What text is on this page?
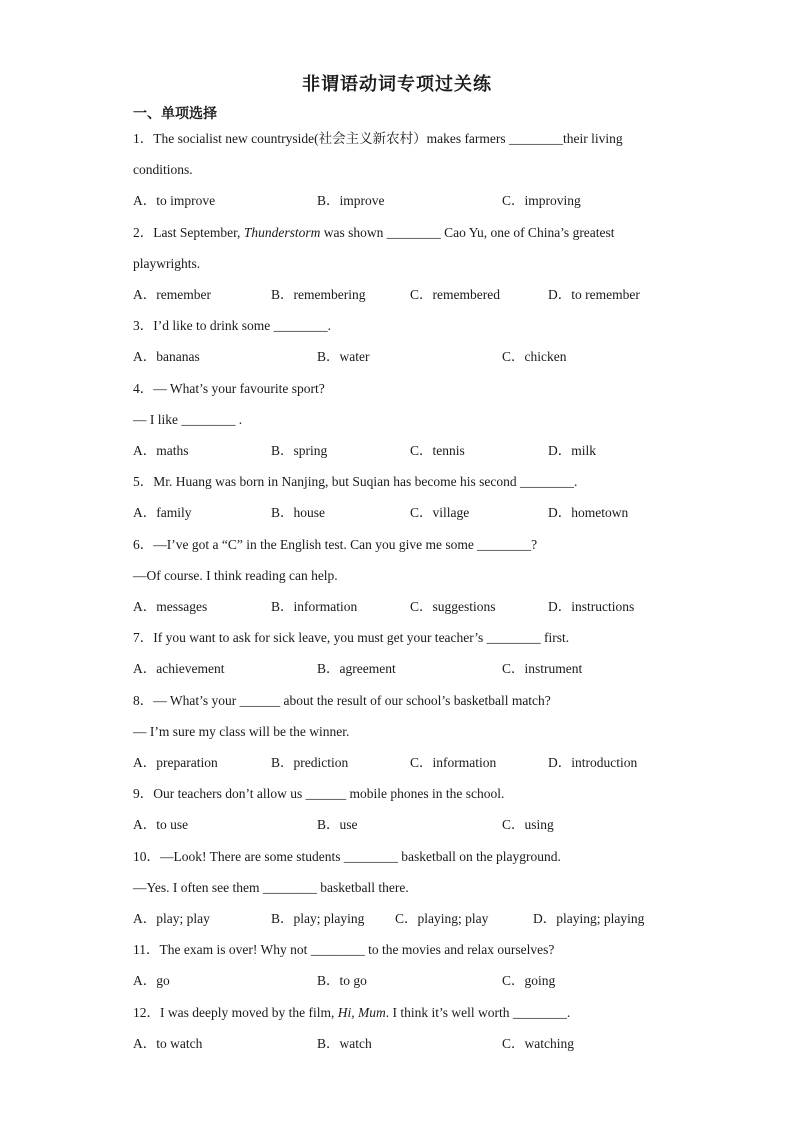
非谓语动词专项过关练
一、单项选择
1．The socialist new countryside(社会主义新农村）makes farmers ________their living
conditions.
A．to improve	B．improve	C．improving
2．Last September, Thunderstorm was shown ________ Cao Yu, one of China’s greatest
playwrights.
A．remember	B．remembering	C．remembered	D．to remember
3．I’d like to drink some ________.
A．bananas	B．water	C．chicken
4．— What’s your favourite sport?
— I like ________ .
A．maths	B．spring	C．tennis	D．milk
5．Mr. Huang was born in Nanjing, but Suqian has become his second ________.
A．family	B．house	C．village	D．hometown
6．—I’ve got a “C” in the English test. Can you give me some ________?
—Of course. I think reading can help.
A．messages	B．information	C．suggestions	D．instructions
7．If you want to ask for sick leave, you must get your teacher’s ________ first.
A．achievement	B．agreement	C．instrument
8．— What’s your ______ about the result of our school’s basketball match?
— I’m sure my class will be the winner.
A．preparation	B．prediction	C．information	D．introduction
9．Our teachers don’t allow us ______ mobile phones in the school.
A．to use	B．use	C．using
10．—Look! There are some students ________ basketball on the playground.
—Yes. I often see them ________ basketball there.
A．play; play	B．play; playing C．playing; play	D．playing; playing
11．The exam is over! Why not ________ to the movies and relax ourselves?
A．go	B．to go	C．going
12．I was deeply moved by the film, Hi, Mum. I think it’s well worth ________.
A．to watch	B．watch	C．watching
